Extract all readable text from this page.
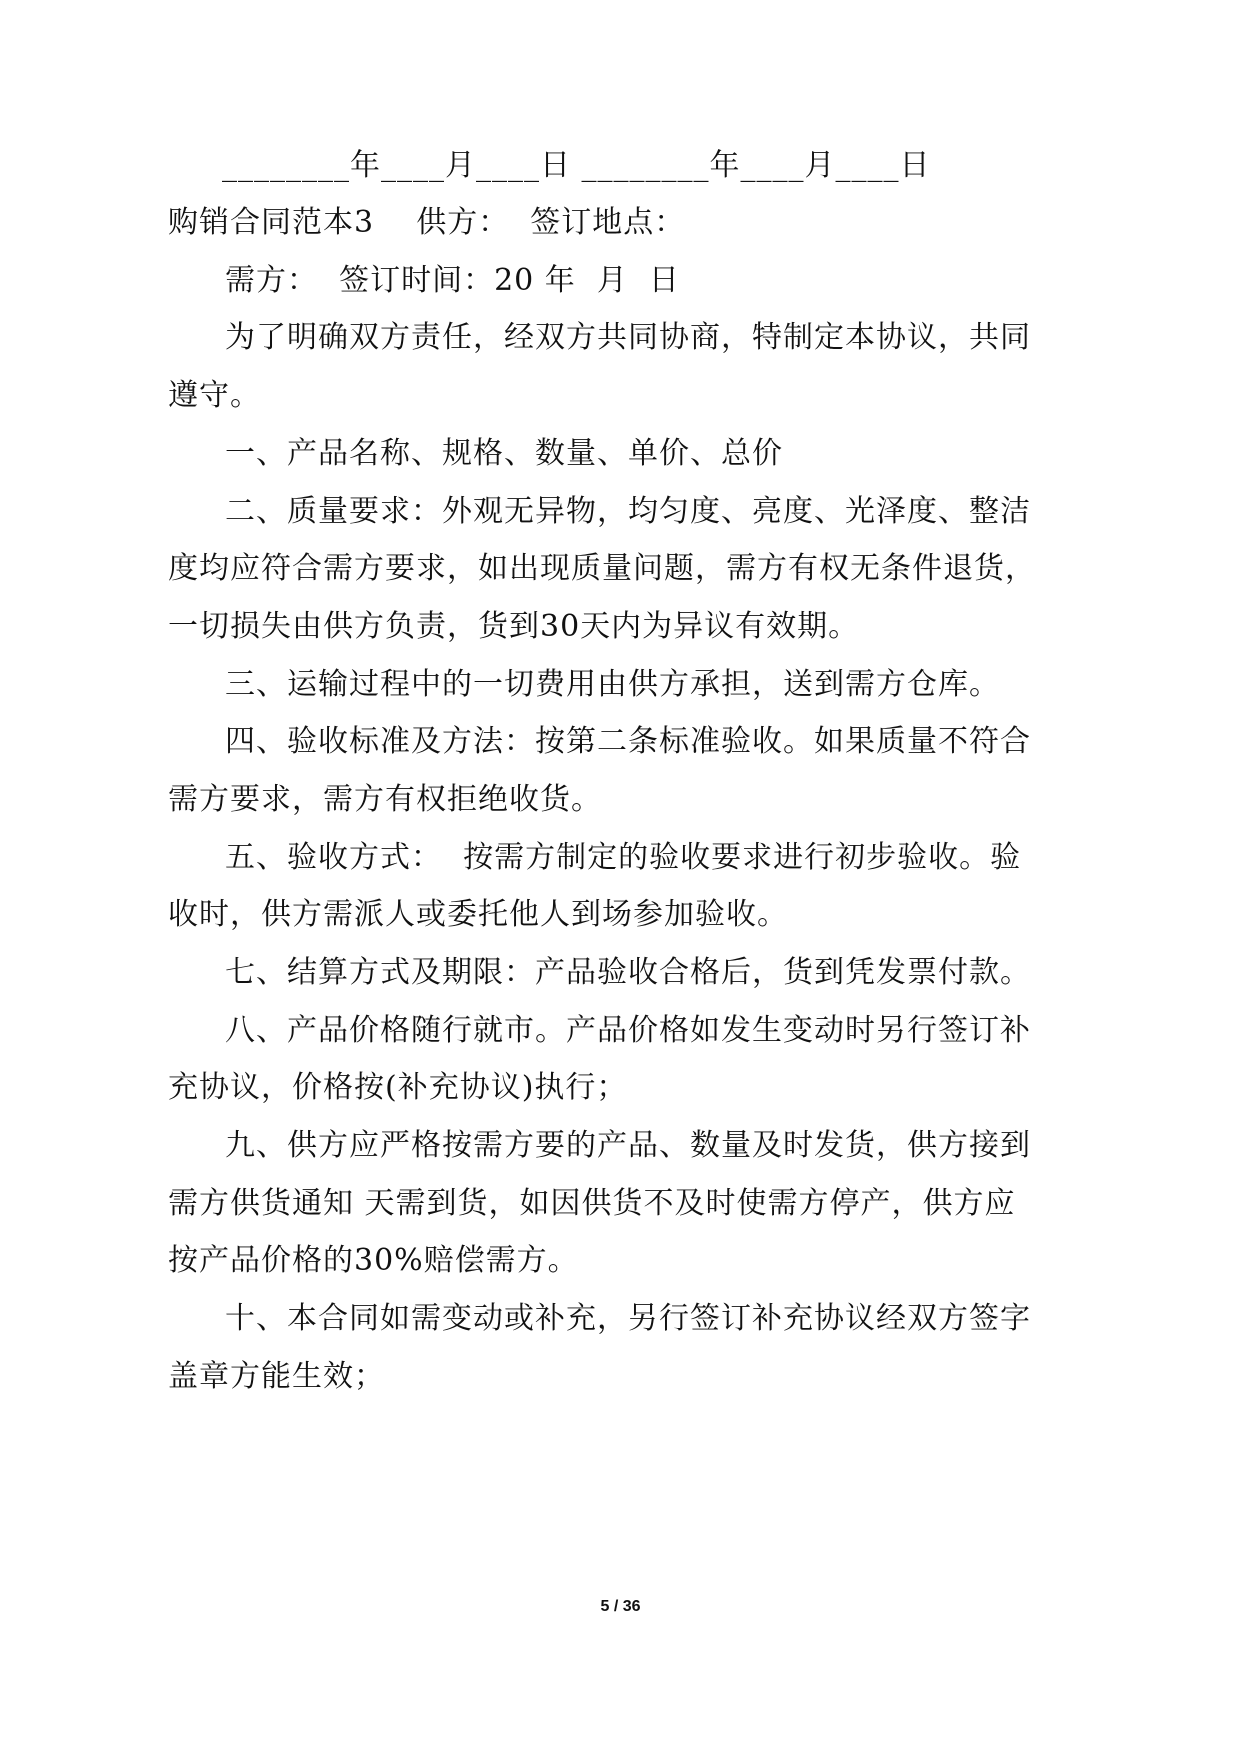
________年____月____日 ________年____月____日
购销合同范本3    供方：  签订地点：
需方：  签订时间：20 年  月  日
为了明确双方责任，经双方共同协商，特制定本协议，共同
遵守。
一、产品名称、规格、数量、单价、总价
二、质量要求：外观无异物，均匀度、亮度、光泽度、整洁
度均应符合需方要求，如出现质量问题，需方有权无条件退货，
一切损失由供方负责，货到30天内为异议有效期。
三、运输过程中的一切费用由供方承担，送到需方仓库。
四、验收标准及方法：按第二条标准验收。如果质量不符合
需方要求，需方有权拒绝收货。
五、验收方式：  按需方制定的验收要求进行初步验收。验
收时，供方需派人或委托他人到场参加验收。
七、结算方式及期限：产品验收合格后，货到凭发票付款。
八、产品价格随行就市。产品价格如发生变动时另行签订补
充协议，价格按(补充协议)执行；
九、供方应严格按需方要的产品、数量及时发货，供方接到
需方供货通知 天需到货，如因供货不及时使需方停产，供方应
按产品价格的30%赔偿需方。
十、本合同如需变动或补充，另行签订补充协议经双方签字
盖章方能生效；
5 / 36
